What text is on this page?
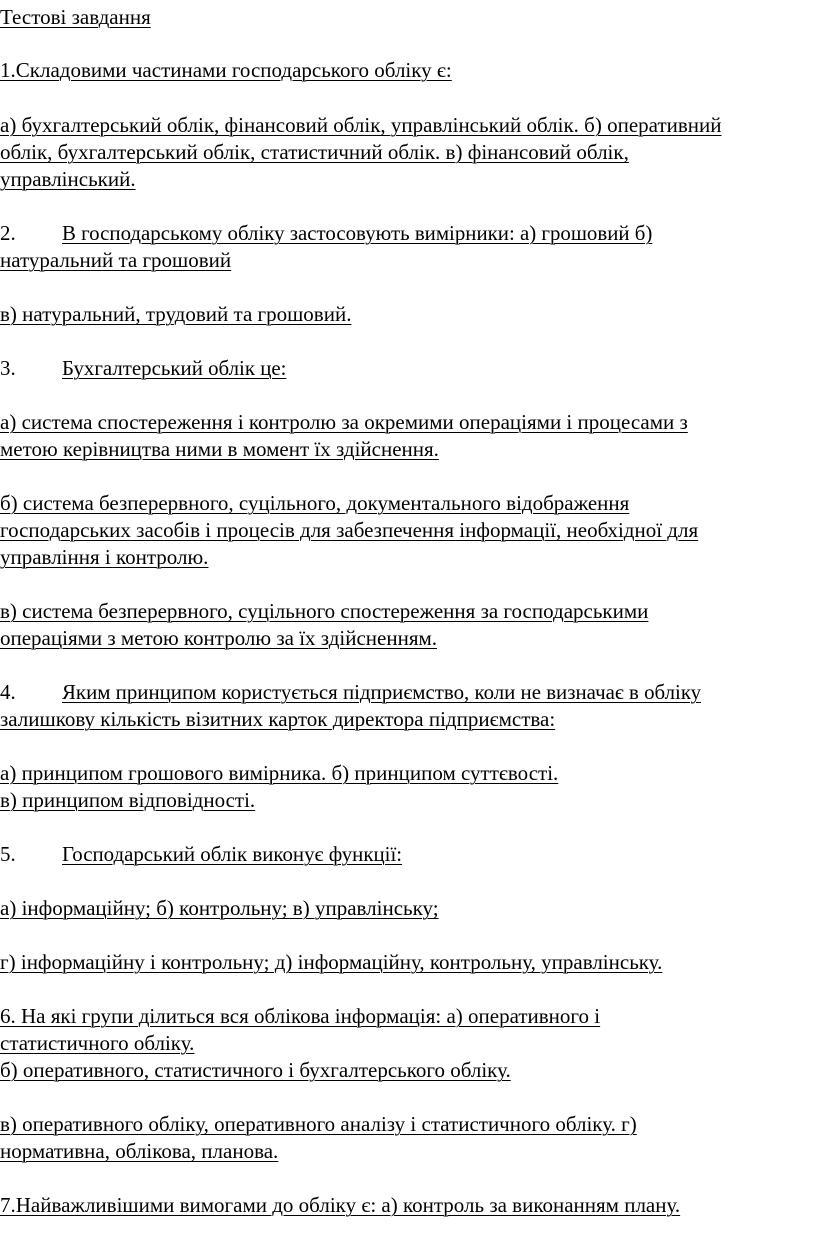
Тестові завдання
1.Складовими частинами господарського обліку є:
а) бухгалтерський облік, фінансовий облік, управлінський облік. б) оперативний
облік, бухгалтерський облік, статистичний облік. в) фінансовий облік,
управлінський.
2. В господарському обліку застосовують вимірники: а) грошовий б)
натуральний та грошовий
в) натуральний, трудовий та грошовий.
3. Бухгалтерський облік це:
а) система спостереження і контролю за окремими операціями і процесами з
метою керівництва ними в момент їх здійснення.
б) система безперервного, суцільного, документального відображення
господарських засобів і процесів для забезпечення інформації, необхідної для
управління і контролю.
в) система безперервного, суцільного спостереження за господарськими
операціями з метою контролю за їх здійсненням.
4. Яким принципом користується підприємство, коли не визначає в обліку
залишкову кількість візитних карток директора підприємства:
а) принципом грошового вимірника. б) принципом суттєвості.
в) принципом відповідності.
5. Господарський облік виконує функції:
а) інформаційну; б) контрольну; в) управлінську;
г) інформаційну і контрольну; д) інформаційну, контрольну, управлінську.
6. На які групи ділиться вся облікова інформація: а) оперативного і
статистичного обліку.
б) оперативного, статистичного і бухгалтерського обліку.
в) оперативного обліку, оперативного аналізу і статистичного обліку. г)
нормативна, облікова, планова.
7.Найважливішими вимогами до обліку є: а) контроль за виконанням плану.
